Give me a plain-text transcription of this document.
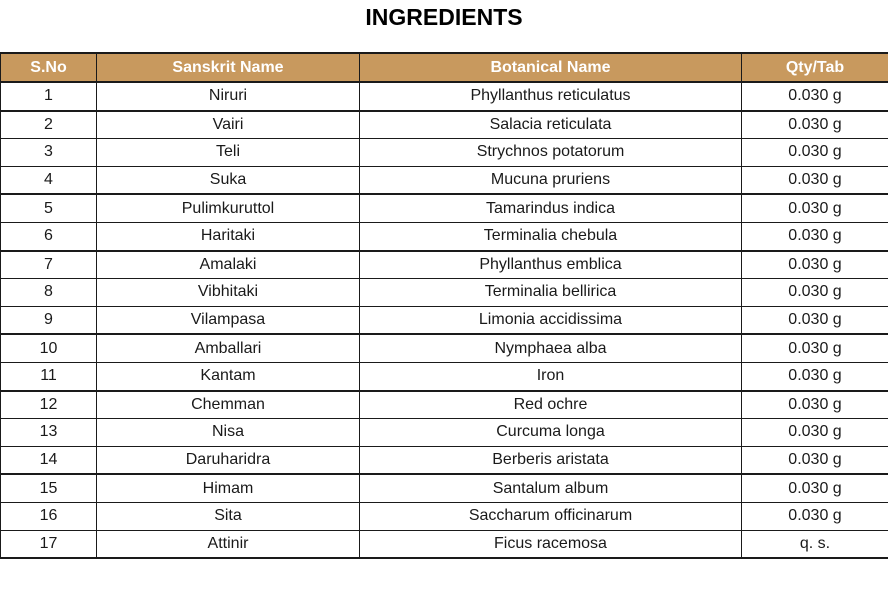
INGREDIENTS
S.No	Sanskrit Name	Botanical Name	Qty/Tab
1	Niruri	Phyllanthus reticulatus	0.030 g
2	Vairi	Salacia reticulata	0.030 g
3	Teli	Strychnos potatorum	0.030 g
4	Suka	Mucuna pruriens	0.030 g
5	Pulimkuruttol	Tamarindus indica	0.030 g
6	Haritaki	Terminalia chebula	0.030 g
7	Amalaki	Phyllanthus emblica	0.030 g
8	Vibhitaki	Terminalia bellirica	0.030 g
9	Vilampasa	Limonia accidissima	0.030 g
10	Amballari	Nymphaea alba	0.030 g
11	Kantam	Iron	0.030 g
12	Chemman	Red ochre	0.030 g
13	Nisa	Curcuma longa	0.030 g
14	Daruharidra	Berberis aristata	0.030 g
15	Himam	Santalum album	0.030 g
16	Sita	Saccharum officinarum	0.030 g
17	Attinir	Ficus racemosa	q. s.
